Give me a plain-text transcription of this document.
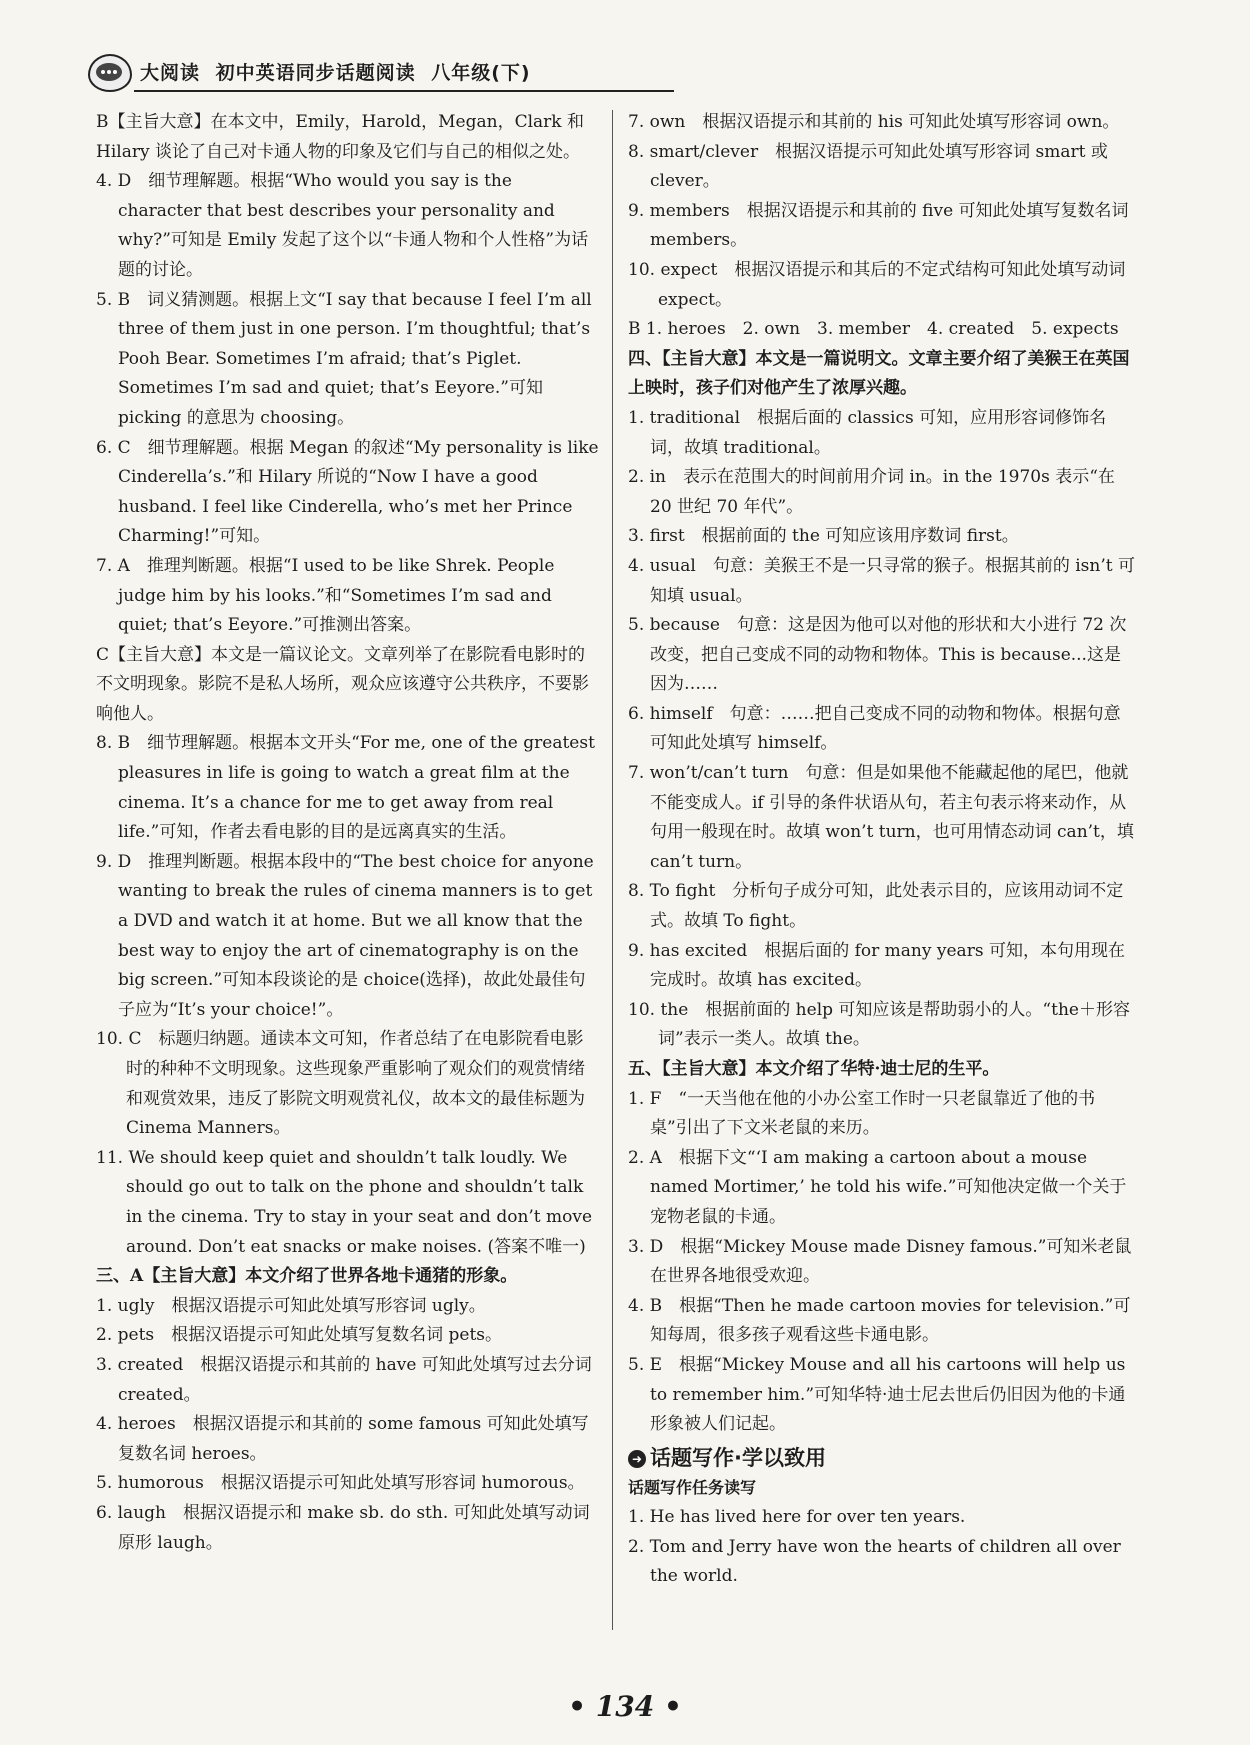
大阅读 初中英语同步话题阅读 八年级(下)

B【主旨大意】在本文中，Emily，Harold，Megan，Clark 和 Hilary 谈论了自己对卡通人物的印象及它们与自己的相似之处。

4. D　细节理解题。根据“Who would you say is the character that best describes your personality and why?”可知是 Emily 发起了这个以“卡通人物和个人性格”为话题的讨论。

5. B　词义猜测题。根据上文“I say that because I feel I’m all three of them just in one person. I’m thoughtful; that’s Pooh Bear. Sometimes I’m afraid; that’s Piglet. Sometimes I’m sad and quiet; that’s Eeyore.”可知 picking 的意思为 choosing。

6. C　细节理解题。根据 Megan 的叙述“My personality is like Cinderella’s.”和 Hilary 所说的“Now I have a good husband. I feel like Cinderella, who’s met her Prince Charming!”可知。

7. A　推理判断题。根据“I used to be like Shrek. People judge him by his looks.”和“Sometimes I’m sad and quiet; that’s Eeyore.”可推测出答案。

C【主旨大意】本文是一篇议论文。文章列举了在影院看电影时的不文明现象。影院不是私人场所，观众应该遵守公共秩序，不要影响他人。

8. B　细节理解题。根据本文开头“For me, one of the greatest pleasures in life is going to watch a great film at the cinema. It’s a chance for me to get away from real life.”可知，作者去看电影的目的是远离真实的生活。

9. D　推理判断题。根据本段中的“The best choice for anyone wanting to break the rules of cinema manners is to get a DVD and watch it at home. But we all know that the best way to enjoy the art of cinematography is on the big screen.”可知本段谈论的是 choice(选择)，故此处最佳句子应为“It’s your choice!”。

10. C　标题归纳题。通读本文可知，作者总结了在电影院看电影时的种种不文明现象。这些现象严重影响了观众们的观赏情绪和观赏效果，违反了影院文明观赏礼仪，故本文的最佳标题为 Cinema Manners。

11. We should keep quiet and shouldn’t talk loudly. We should go out to talk on the phone and shouldn’t talk in the cinema. Try to stay in your seat and don’t move around. Don’t eat snacks or make noises. (答案不唯一)

三、A【主旨大意】本文介绍了世界各地卡通猪的形象。

1. ugly　根据汉语提示可知此处填写形容词 ugly。

2. pets　根据汉语提示可知此处填写复数名词 pets。

3. created　根据汉语提示和其前的 have 可知此处填写过去分词 created。

4. heroes　根据汉语提示和其前的 some famous 可知此处填写复数名词 heroes。

5. humorous　根据汉语提示可知此处填写形容词 humorous。

6. laugh　根据汉语提示和 make sb. do sth. 可知此处填写动词原形 laugh。

7. own　根据汉语提示和其前的 his 可知此处填写形容词 own。

8. smart/clever　根据汉语提示可知此处填写形容词 smart 或 clever。

9. members　根据汉语提示和其前的 five 可知此处填写复数名词 members。

10. expect　根据汉语提示和其后的不定式结构可知此处填写动词 expect。

B 1. heroes　2. own　3. member　4. created　5. expects

四、【主旨大意】本文是一篇说明文。文章主要介绍了美猴王在英国上映时，孩子们对他产生了浓厚兴趣。

1. traditional　根据后面的 classics 可知，应用形容词修饰名词，故填 traditional。

2. in　表示在范围大的时间前用介词 in。in the 1970s 表示“在 20 世纪 70 年代”。

3. first　根据前面的 the 可知应该用序数词 first。

4. usual　句意：美猴王不是一只寻常的猴子。根据其前的 isn’t 可知填 usual。

5. because　句意：这是因为他可以对他的形状和大小进行 72 次改变，把自己变成不同的动物和物体。This is because...这是因为……

6. himself　句意：……把自己变成不同的动物和物体。根据句意可知此处填写 himself。

7. won’t/can’t turn　句意：但是如果他不能藏起他的尾巴，他就不能变成人。if 引导的条件状语从句，若主句表示将来动作，从句用一般现在时。故填 won’t turn，也可用情态动词 can’t，填 can’t turn。

8. To fight　分析句子成分可知，此处表示目的，应该用动词不定式。故填 To fight。

9. has excited　根据后面的 for many years 可知，本句用现在完成时。故填 has excited。

10. the　根据前面的 help 可知应该是帮助弱小的人。“the＋形容词”表示一类人。故填 the。

五、【主旨大意】本文介绍了华特·迪士尼的生平。

1. F　“一天当他在他的小办公室工作时一只老鼠靠近了他的书桌”引出了下文米老鼠的来历。

2. A　根据下文“‘I am making a cartoon about a mouse named Mortimer,’ he told his wife.”可知他决定做一个关于宠物老鼠的卡通。

3. D　根据“Mickey Mouse made Disney famous.”可知米老鼠在世界各地很受欢迎。

4. B　根据“Then he made cartoon movies for television.”可知每周，很多孩子观看这些卡通电影。

5. E　根据“Mickey Mouse and all his cartoons will help us to remember him.”可知华特·迪士尼去世后仍旧因为他的卡通形象被人们记起。

➜ 话题写作·学以致用
话题写作任务读写
1. He has lived here for over ten years.
2. Tom and Jerry have won the hearts of children all over the world.
• 134 •
